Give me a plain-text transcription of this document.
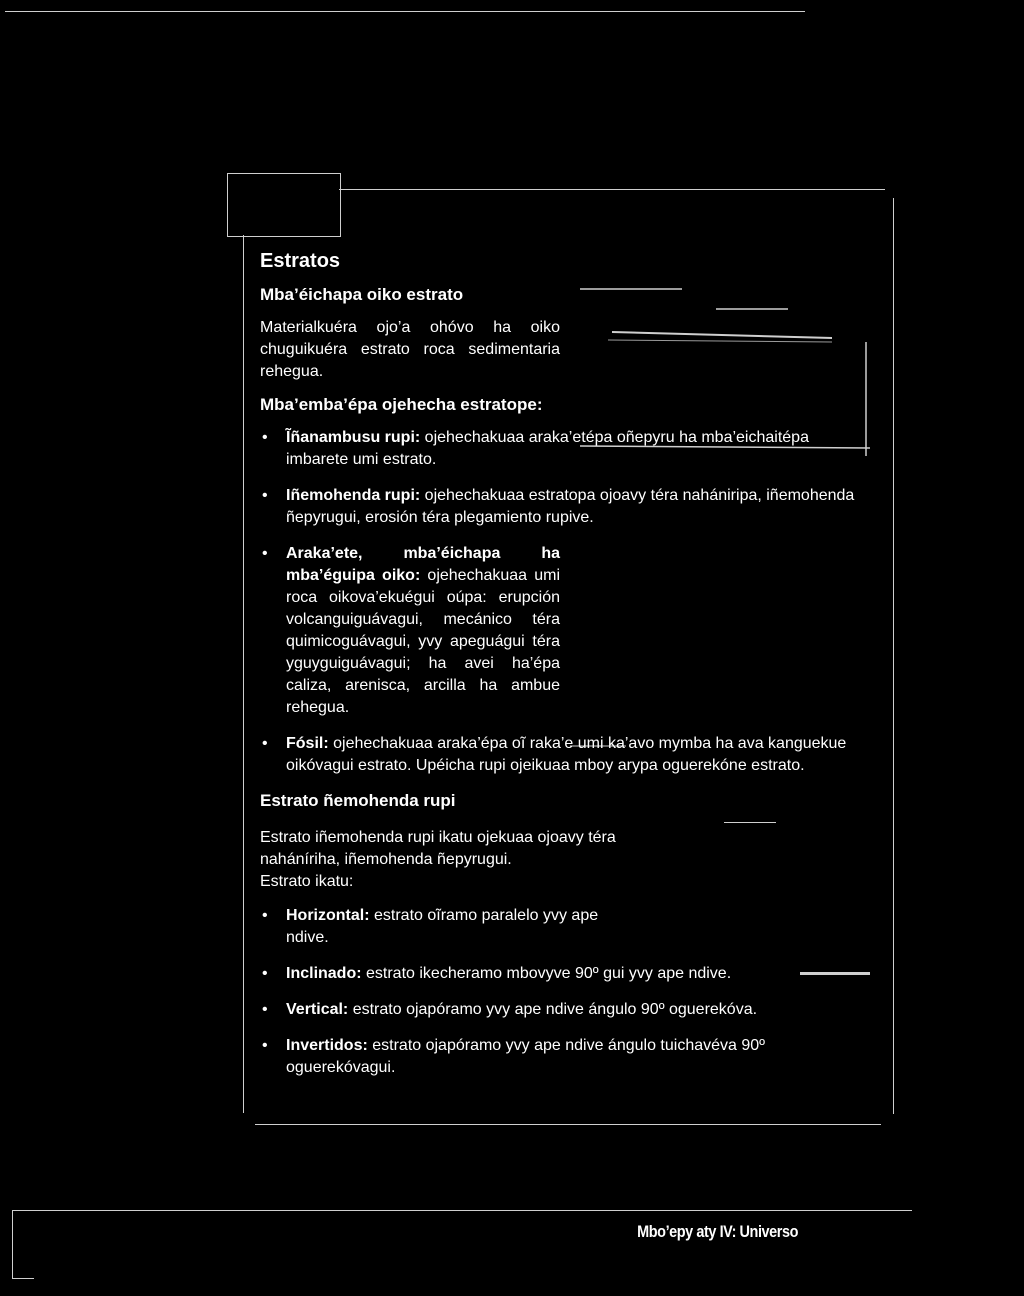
Estratos
Mba’éichapa oiko estrato

Materialkuéra ojo’a ohóvo ha oiko chuguikuéra estrato roca sedimentaria rehegua.

Mba’emba’épa ojehecha estratope:
• Ĩñanambusu rupi: ojehechakuaa araka’etépa oñepyru ha mba’eichaitépa imbarete umi estrato.
• Iñemohenda rupi: ojehechakuaa estratopa ojoavy téra nahániripa, iñemohenda ñepyrugui, erosión téra plegamiento rupive.
• Araka’ete, mba’éichapa ha mba’éguipa oiko: ojehechakuaa umi roca oikova’ekuégui oúpa: erupción volcanguiguávagui, mecánico téra quimicoguávagui, yvy apeguágui téra yguyguiguávagui; ha avei ha’épa caliza, arenisca, arcilla ha ambue rehegua.
• Fósil: ojehechakuaa araka’épa oĩ raka’e umi ka’avo mymba ha ava kanguekue oikóvagui estrato. Upéicha rupi ojeikuaa mboy arypa oguerekóne estrato.
Estrato ñemohenda rupi

Estrato iñemohenda rupi ikatu ojekuaa ojoavy téra naháníriha, iñemohenda ñepyrugui.

Estrato ikatu:

• Horizontal: estrato oĩramo paralelo yvy ape ndive.
• Inclinado: estrato ikecheramo mbovyve 90º gui yvy ape ndive.
• Vertical: estrato ojapóramo yvy ape ndive ángulo 90º oguerekóva.
• Invertidos: estrato ojapóramo yvy ape ndive ángulo tuichavéva 90º oguerekóvagui.
Mbo’epy aty IV: Universo
